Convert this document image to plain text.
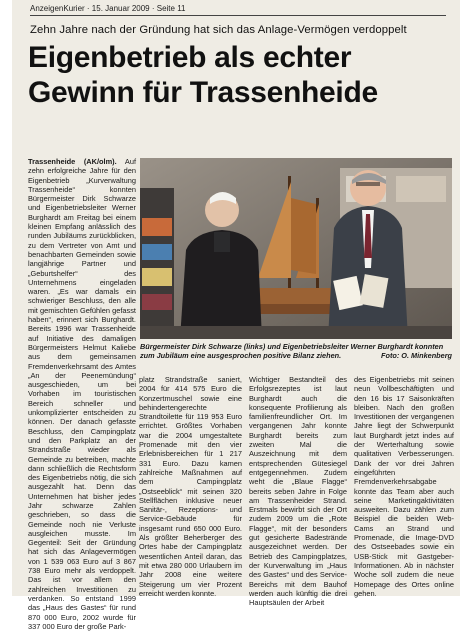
AnzeigenKurier · 15. Januar 2009 · Seite 11
Zehn Jahre nach der Gründung hat sich das Anlage-Vermögen verdoppelt
Eigenbetrieb als echter Gewinn für Trassenheide

Trassenheide (AK/olm). Auf zehn erfolgreiche Jahre für den Eigenbetrieb „Kurverwaltung Trassenheide“ konnten Bürgermeister Dirk Schwarze und Eigenbetriebsleiter Werner Burghardt am Freitag bei einem kleinen Empfang anlässlich des runden Jubiläums zurückblicken, zu dem Vertreter von Amt und benachbarten Gemeinden sowie langjährige Partner und „Geburtshelfer“ des Unternehmens eingeladen waren. „Es war damals ein schwieriger Beschluss, den alle mit gemischten Gefühlen gefasst haben“, erinnert sich Burghardt. Bereits 1996 war Trassenheide auf Initiative des damaligen Bürgermeisters Helmut Kaliebe aus dem gemeinsamen Fremdenverkehrsamt des Amtes „An der Peenemündung“ ausgeschieden, um bei Vorhaben im touristischen Bereich schneller und unkomplizierter entscheiden zu können. Der danach gefasste Beschluss, den Campingplatz und den Parkplatz an der Strandstraße wieder als Gemeinde zu betreiben, machte dann schließlich die Rechtsform des Eigenbetriebs nötig, die sich ausgezahlt hat. Denn das Unternehmen hat bisher jedes Jahr schwarze Zahlen geschrieben, so dass die Gemeinde noch nie Verluste ausgleichen musste. Im Gegenteil: Seit der Gründung hat sich das Anlagevermögen von 1 539 063 Euro auf 3 867 738 Euro mehr als verdoppelt. Das ist vor allem den zahlreichen Investitionen zu verdanken. So entstand 1999 das „Haus des Gastes“ für rund 870 000 Euro, 2002 wurde für 337 000 Euro der große Park-

Bürgermeister Dirk Schwarze (links) und Eigenbetriebsleiter Werner Burghardt konnten zum Jubiläum eine ausgesprochen positive Bilanz ziehen.	Foto: O. Minkenberg

platz Strandstraße saniert, 2004 für 414 575 Euro die Konzertmuschel sowie eine behindertengerechte Strandtoilette für 119 953 Euro errichtet. Größtes Vorhaben war die 2004 umgestaltete Promenade mit den vier Erlebnisbereichen für 1 217 331 Euro. Dazu kamen zahlreiche Maßnahmen auf dem Campingplatz „Ostseeblick“ mit seinen 320 Stellflächen inklusive neuer Sanitär-, Rezeptions- und Service-Gebäude für insgesamt rund 650 000 Euro. Als größter Beherberger des Ortes habe der Campingplatz wesentlichen Anteil daran, das mit etwa 280 000 Urlaubern im Jahr 2008 eine weitere Steigerung um vier Prozent erreicht werden konnte.

Wichtiger Bestandteil des Erfolgsrezeptes ist laut Burghardt auch die konsequente Profilierung als familienfreundlicher Ort. Im vergangenen Jahr konnte Burghardt bereits zum zweiten Mal die Auszeichnung mit dem entsprechenden Gütesiegel entgegennehmen. Zudem weht die „Blaue Flagge“ bereits seben Jahre in Folge am Trassenheider Strand. Erstmals bewirbt sich der Ort zudem 2009 um die „Rote Flagge“, mit der besonders gut gesicherte Badestrände ausgezeichnet werden. Der Betrieb des Campingplatzes, der Kurverwaltung im „Haus des Gastes“ und des Service-Bereichs mit dem Bauhof werden auch künftig die drei Hauptsäulen der Arbeit

des Eigenbetriebs mit seinen neun Vollbeschäftigten und den 16 bis 17 Saisonkräften bleiben. Nach den großen Investitionen der vergangenen Jahre liegt der Schwerpunkt laut Burghardt jetzt indes auf der Werterhaltung sowie qualitativen Verbesserungen. Dank der vor drei Jahren eingeführten Fremdenverkehrsabgabe konnte das Team aber auch seine Marketingaktivitäten ausweiten. Dazu zählen zum Beispiel die beiden Web-Cams an Strand und Promenade, die Image-DVD des Ostseebades sowie ein USB-Stick mit Gastgeber-Informationen. Ab in nächster Woche soll zudem die neue Homepage des Ortes online gehen.
